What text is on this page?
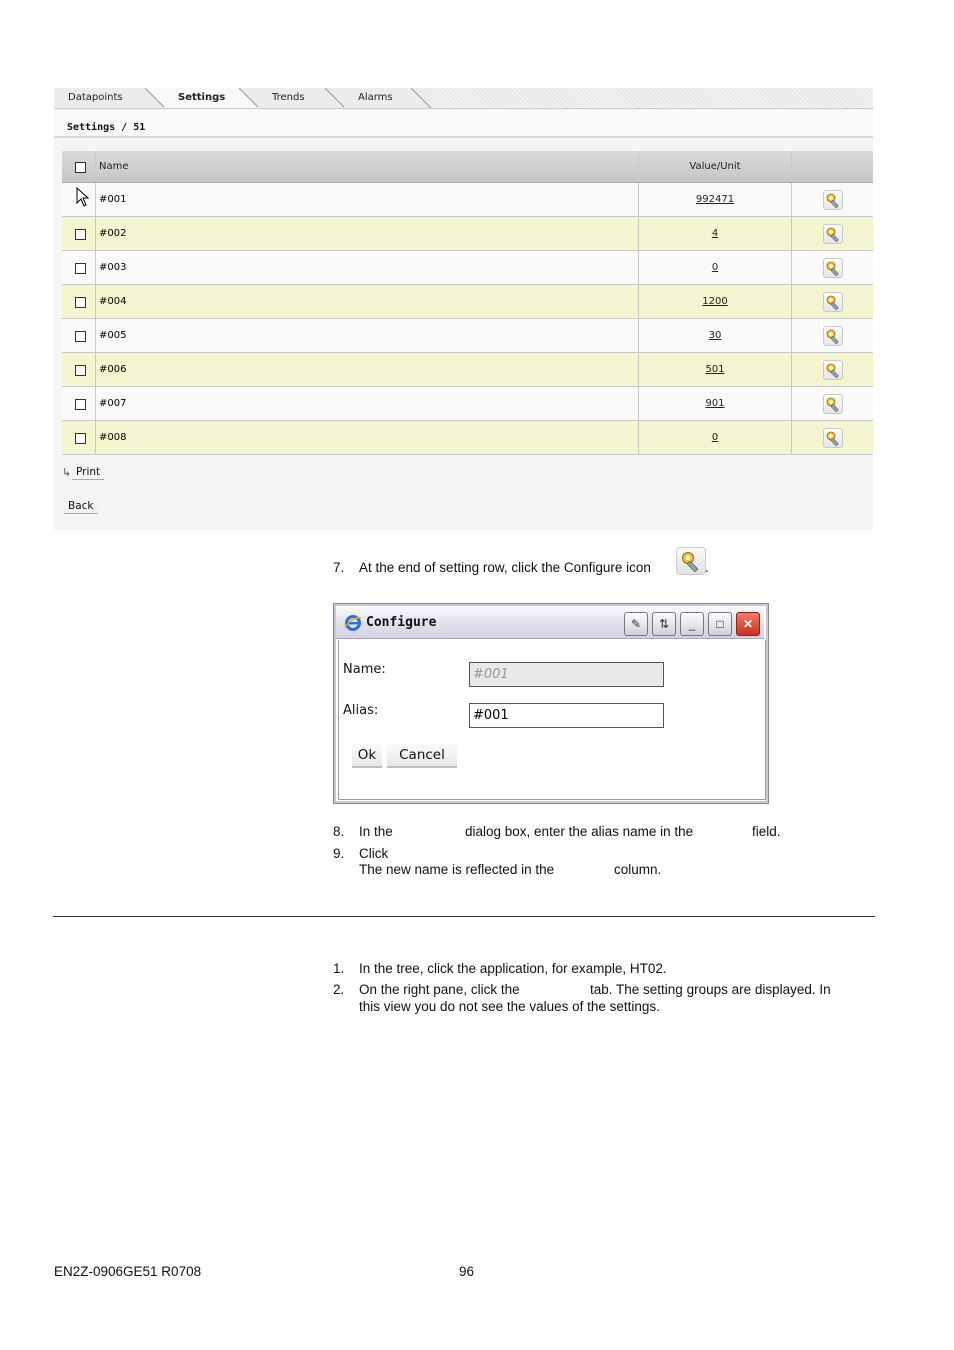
Datapoints	Settings	Trends	Alarms
Settings / 51
Name	Value/Unit
#001	992471
#002	4
#003	0
#004	1200
#005	30
#006	501
#007	901
#008	0
↳ Print
Back
7. At the end of setting row, click the Configure icon	.
Configure	✎	⇅	_	□	✕
Name:	#001
Alias:	#001
Ok	Cancel
8. In the	dialog box, enter the alias name in the	field.
9. Click
The new name is reflected in the	column.
1. In the tree, click the application, for example, HT02.
2. On the right pane, click the	tab. The setting groups are displayed. In
this view you do not see the values of the settings.
EN2Z-0906GE51 R0708	96
